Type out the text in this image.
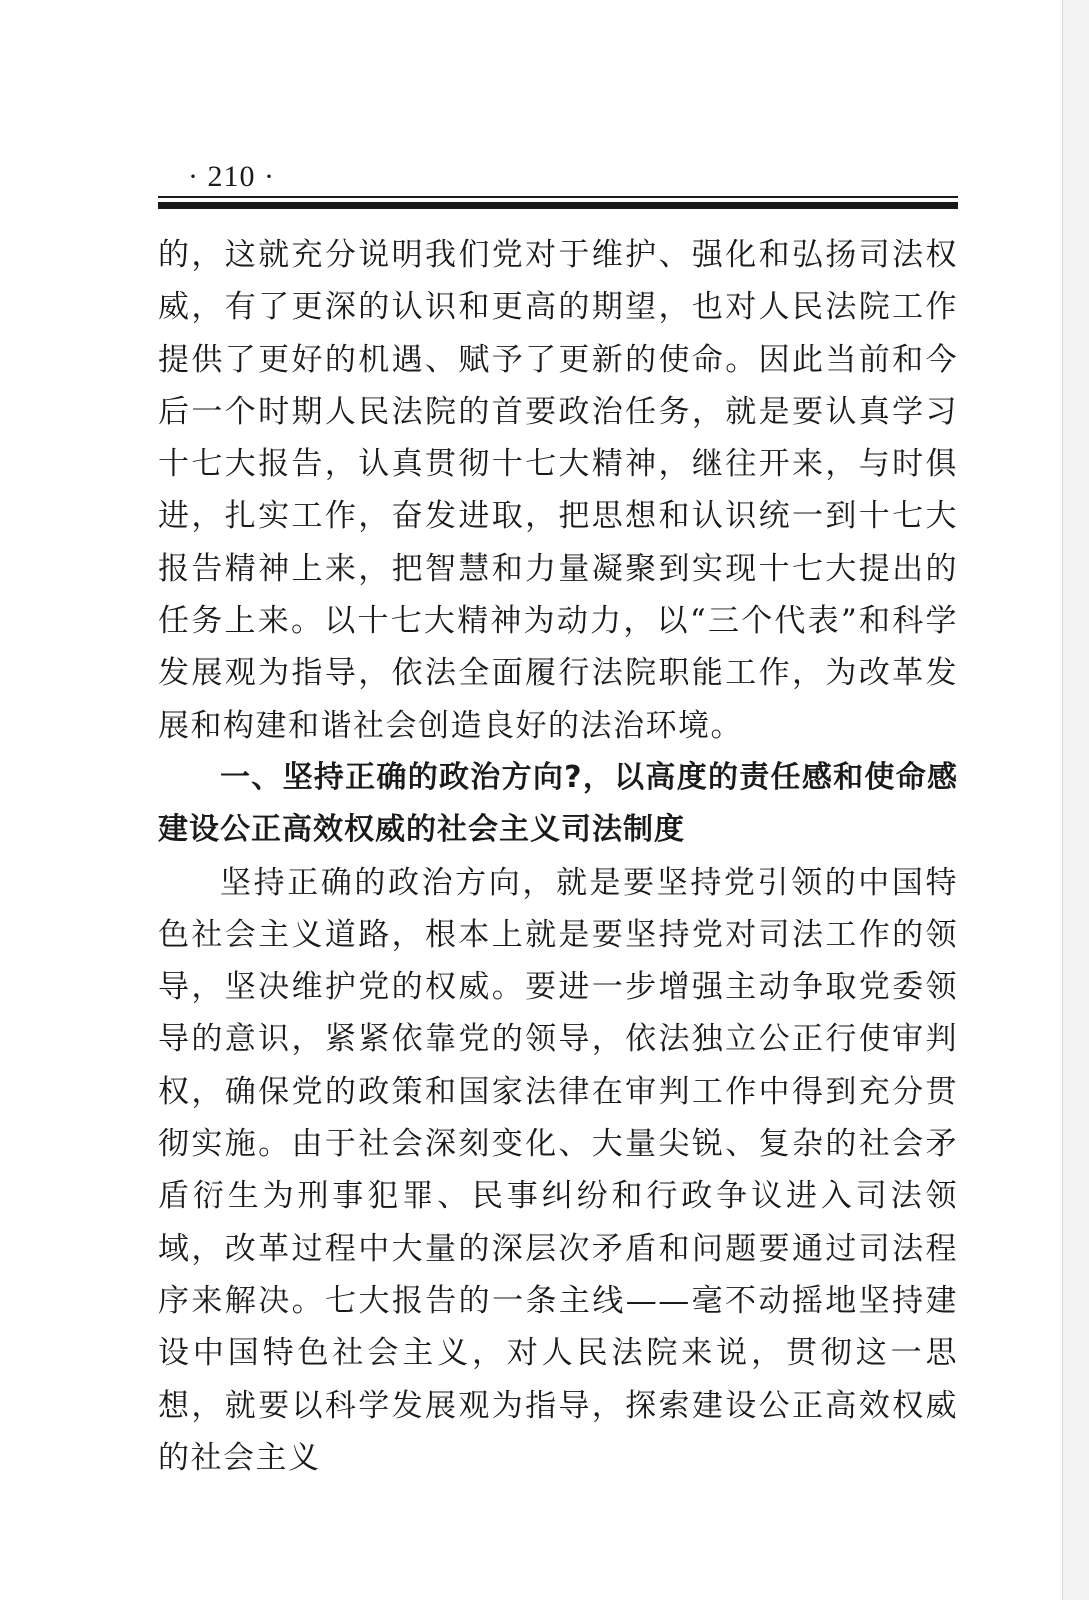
· 210 ·

的，这就充分说明我们党对于维护、强化和弘扬司法权威，有了更深的认识和更高的期望，也对人民法院工作提供了更好的机遇、赋予了更新的使命。因此当前和今后一个时期人民法院的首要政治任务，就是要认真学习十七大报告，认真贯彻十七大精神，继往开来，与时俱进，扎实工作，奋发进取，把思想和认识统一到十七大报告精神上来，把智慧和力量凝聚到实现十七大提出的任务上来。以十七大精神为动力，以“三个代表”和科学发展观为指导，依法全面履行法院职能工作，为改革发展和构建和谐社会创造良好的法治环境。

一、坚持正确的政治方向?，以高度的责任感和使命感建设公正高效权威的社会主义司法制度

坚持正确的政治方向，就是要坚持党引领的中国特色社会主义道路，根本上就是要坚持党对司法工作的领导，坚决维护党的权威。要进一步增强主动争取党委领导的意识，紧紧依靠党的领导，依法独立公正行使审判权，确保党的政策和国家法律在审判工作中得到充分贯彻实施。由于社会深刻变化、大量尖锐、复杂的社会矛盾衍生为刑事犯罪、民事纠纷和行政争议进入司法领域，改革过程中大量的深层次矛盾和问题要通过司法程序来解决。七大报告的一条主线——毫不动摇地坚持建设中国特色社会主义，对人民法院来说，贯彻这一思想，就要以科学发展观为指导，探索建设公正高效权威的社会主义
